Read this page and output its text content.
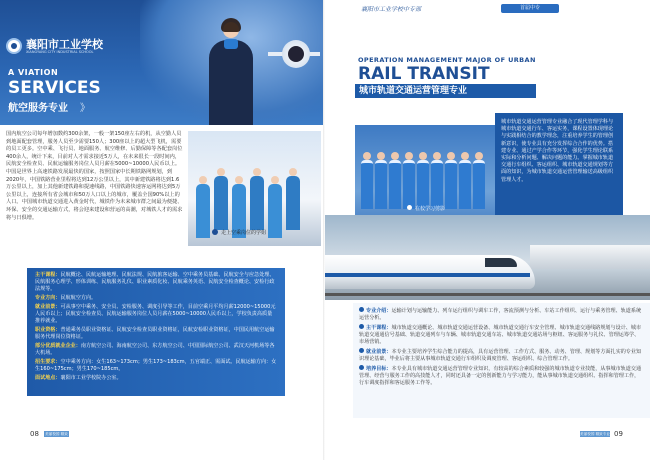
襄阳市工业学校
XIANGYANG CITY INDUSTRIAL SCHOOL
A VIATION
SERVICES
航空服务专业 》

国内航空公司每年增加数约300余架，一般一架150座左右的机，从空勤人员到地面配套管理，服务人员至少需要150人；300座以上的超大型飞机，需要的员工更多。空中乘、飞行员、地面服务、航空维修、后勤保障等各配套岗位400余人，统计下来，目前对人才需求接近5万人，在未来很长一段时间内，民航安全检查员、民航运输服务岗位人员月薪在5000~10000人民币以上。中国是世界上高速铁路发展最快的国家，按照国家中长期铁路网规划，到2020年，中国铁路营业里程将达到12万公里以上，其中新建铁路将达到1.6万公里以上，加上其他新建铁路和提速线路，中国铁路快速客运网将达到5万公里以上，连接所有省会城市和50万人口以上的城市，覆盖全国90%以上的人口。中国城市轨道交通进入黄金时代，城铁作为未来城市群之间最为便捷、环保、安全的交通运输方式，将会迎来建设和营运的高潮，对城铁人才的需求将与日俱增。

走上空乘岗位的学姐

主干课程：民航概论、民航运输地理、民航法规、民航旅客运输、空中乘务员基础、民航安全与应急处理、民航服务心理学、形体训练、民航服务礼仪、职业素质化妆、民航乘务英语、民航安全检查概论、安检行政法规等。

专业方向：民航航空方向。

就业前景：可从事空中乘务、安全员、安检服务、调度引导等工作，目前空乘月平均月薪12000~15000元人民币以上；民航安全检查员、民航运输服务岗位人员月薪在5000~10000人民币以上，学校负责高质量推荐就业。

职业资格：普通乘务员职业资格证、民航安全检查员职业资格证，民航安检职业资格证，中国民用航空运输服务代理岗位资格证。

部分优质就业企业：南方航空公司、海南航空公司、东方航空公司、中国国际航空公司、武汉天河机场等各大机场。

招生要求：空中乘务方向：女生163~173cm；男生173~183cm，五官端正、需面试。民航运输方向：女生160~175cm；男生170~185cm。

面试地点：襄阳市工业学校院办公室。

08	美丽校园 精致专业
襄阳市工业学校中专部	首届中专
OPERATION MANAGEMENT MAJOR OF URBAN
RAIL TRANSIT
城市轨道交通运营管理专业

城市轨道交通运营管理专业融合了现代管理学科与城市轨道交通行车、客运实务，课程设置体现理论与实践相结合的教学理念，注重培养学生的管理创新意识，使专业具有充分发挥综合合作的优势。搭建专业、通过产学合作等环节，强化学生理论联系实际和分析问题、解决问题的能力。掌握城市轨道交通行车组织、客运组织、城市轨道交通规划等方面的知识，为城市轨道交通运营管理输送高级组织管理人才。

在校学习剪影

专业介绍：运输计划与运输能力、列车运行组织与调车工作，客流预测与分析、车站工作组织、运行与乘务管理、轨道系统运营分析。

主干课程：城市轨道交通概论、城市轨道交通运营设备、城市轨道交通行车安全管理、城市轨道交通线路规划与设计、城市轨道交通通信号基础、轨道交通列车与车辆、城市轨道交通车站、城市轨道交通站场与枢纽、客运服务与礼仪、管理运筹学、市场营销。

就业前景：本专业主要培养学生综合能力的提高，具有运营管理、工作方式、服务、动务、管理、规划等方面扎实的专业知识理论基础，毕业后将主要从事城市轨道交通行车组织及调度管理、客运组织、综合管理工作。

培养目标：本专业具有城市轨道交通运营管理专业知识，有较高的综合素质和较强的城市轨道专业技能，从事城市轨道交通管理、经营与服务工作的高技能人才，同时还具备一定的创新能力与学习能力，能从事城市轨道交通组织、指挥和管理工作，行车调度指挥和客运服务工作等。

美丽校园 精致专业 09
